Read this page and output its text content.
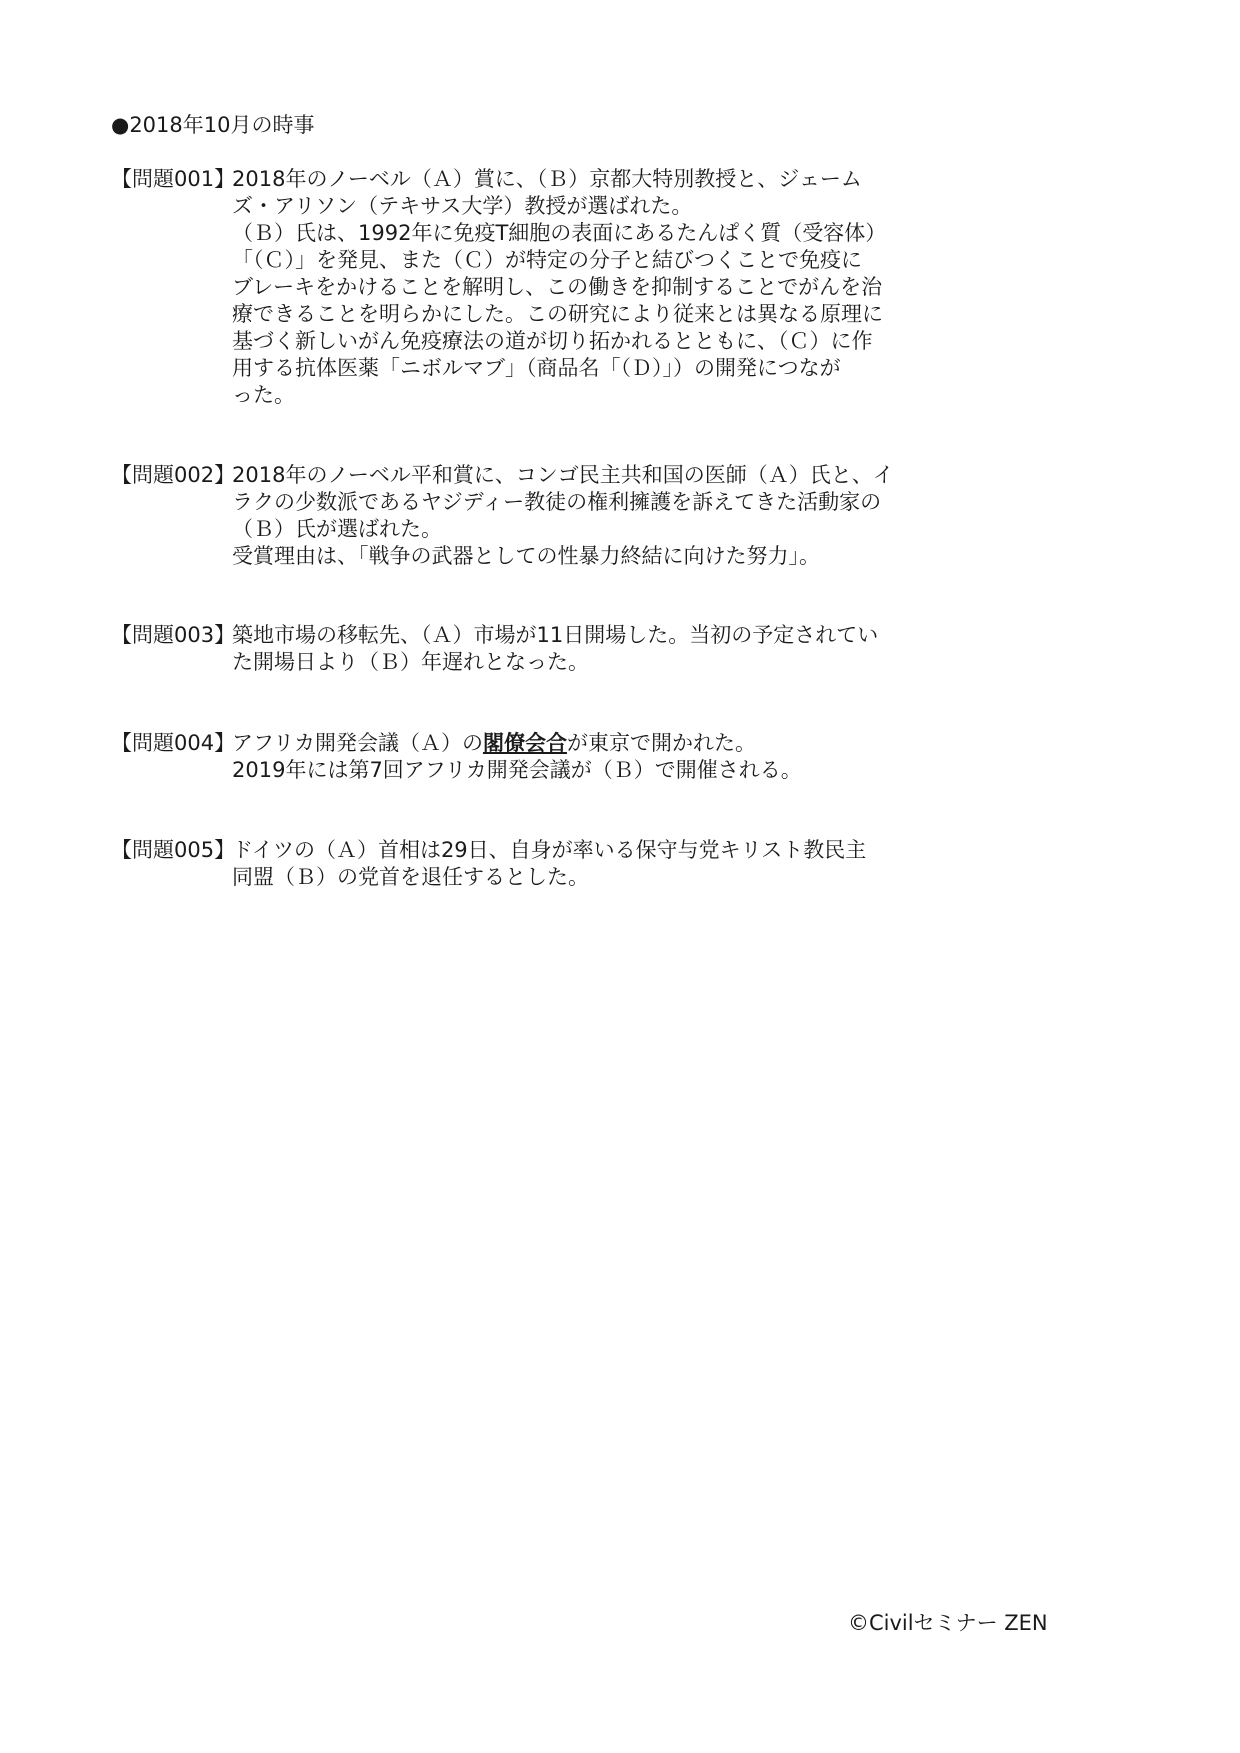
●2018年10月の時事
【問題001】
2018年のノーベル（Ａ）賞に、（Ｂ）京都大特別教授と、ジェーム
ズ・アリソン（テキサス大学）教授が選ばれた。
（Ｂ）氏は、1992年に免疫T細胞の表面にあるたんぱく質（受容体）
「（Ｃ）」を発見、また（Ｃ）が特定の分子と結びつくことで免疫に
ブレーキをかけることを解明し、この働きを抑制することでがんを治
療できることを明らかにした。この研究により従来とは異なる原理に
基づく新しいがん免疫療法の道が切り拓かれるとともに、（Ｃ）に作
用する抗体医薬「ニボルマブ」（商品名「（Ｄ）」）の開発につなが
った。
【問題002】
2018年のノーベル平和賞に、コンゴ民主共和国の医師（Ａ）氏と、イ
ラクの少数派であるヤジディー教徒の権利擁護を訴えてきた活動家の
（Ｂ）氏が選ばれた。
受賞理由は、「戦争の武器としての性暴力終結に向けた努力」。
【問題003】
築地市場の移転先、（Ａ）市場が11日開場した。当初の予定されてい
た開場日より（Ｂ）年遅れとなった。
【問題004】
アフリカ開発会議（Ａ）の閣僚会合が東京で開かれた。
2019年には第7回アフリカ開発会議が（Ｂ）で開催される。
【問題005】
ドイツの（Ａ）首相は29日、自身が率いる保守与党キリスト教民主
同盟（Ｂ）の党首を退任するとした。
©Civilセミナー ZEN
